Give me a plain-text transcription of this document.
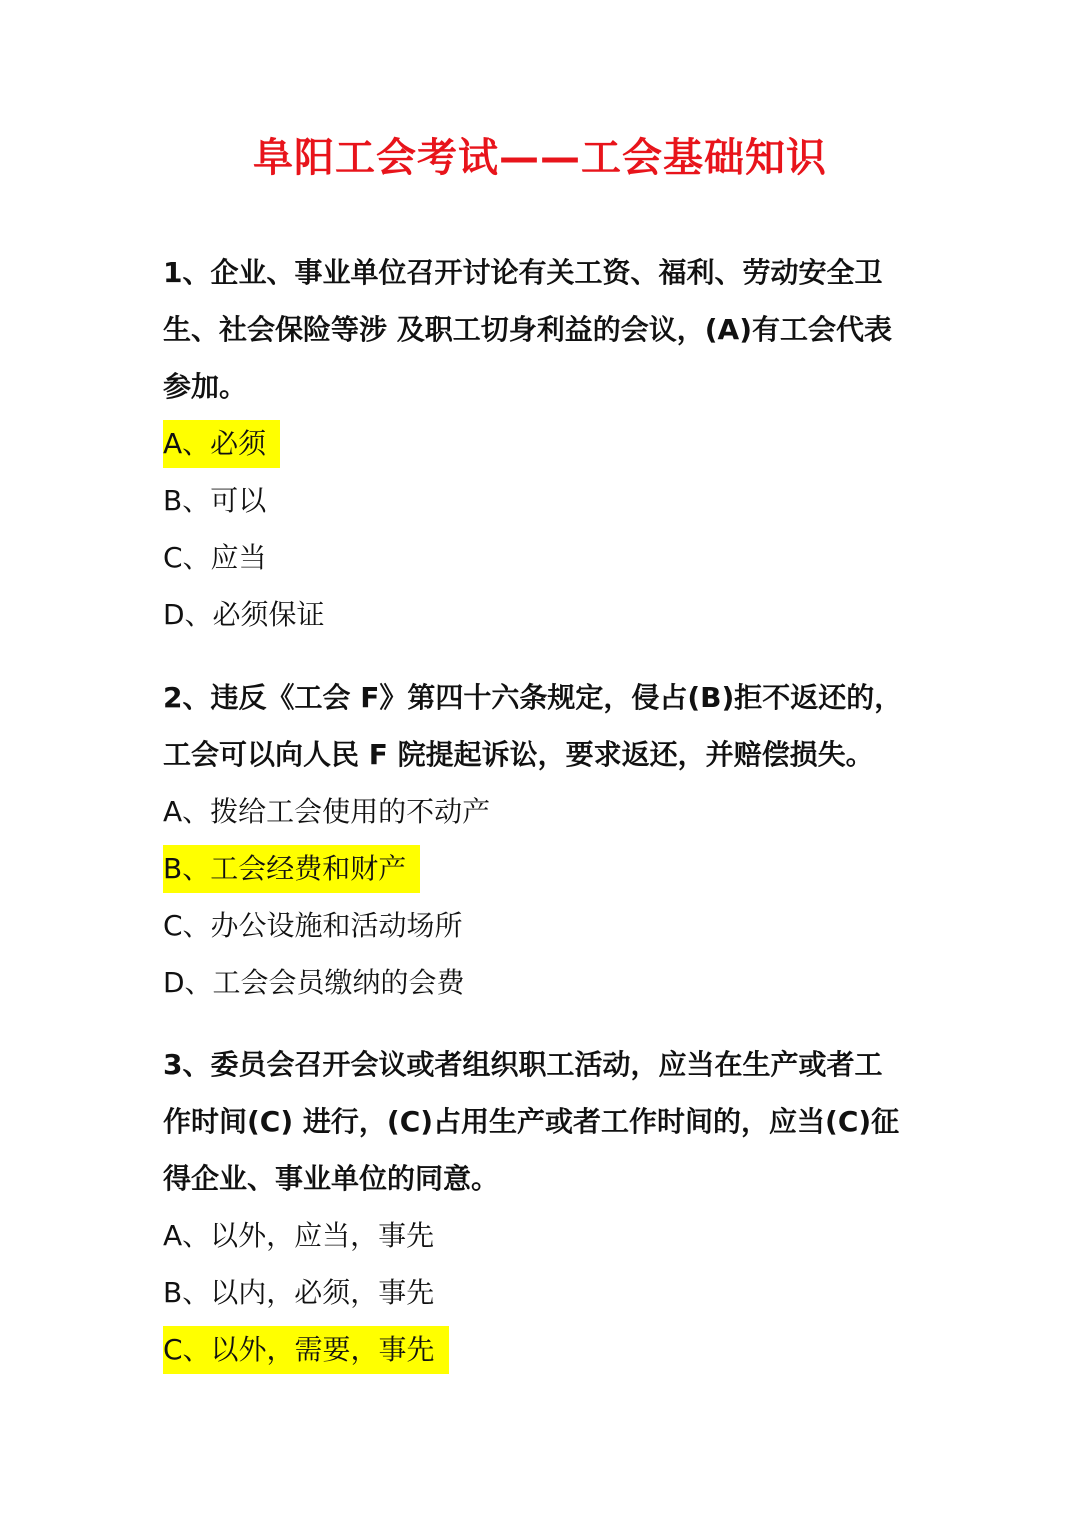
阜阳工会考试——工会基础知识

1、企业、事业单位召开讨论有关工资、福利、劳动安全卫

生、社会保险等涉 及职工切身利益的会议，(A)有工会代表

参加。

A、必须

B、可以

C、应当

D、必须保证

2、违反《工会 F》第四十六条规定，侵占(B)拒不返还的，

工会可以向人民 F 院提起诉讼，要求返还，并赔偿损失。

A、拨给工会使用的不动产

B、工会经费和财产

C、办公设施和活动场所

D、工会会员缴纳的会费

3、委员会召开会议或者组织职工活动，应当在生产或者工

作时间(C) 进行，(C)占用生产或者工作时间的，应当(C)征

得企业、事业单位的同意。

A、以外，应当，事先

B、以内，必须，事先

C、以外，需要，事先
